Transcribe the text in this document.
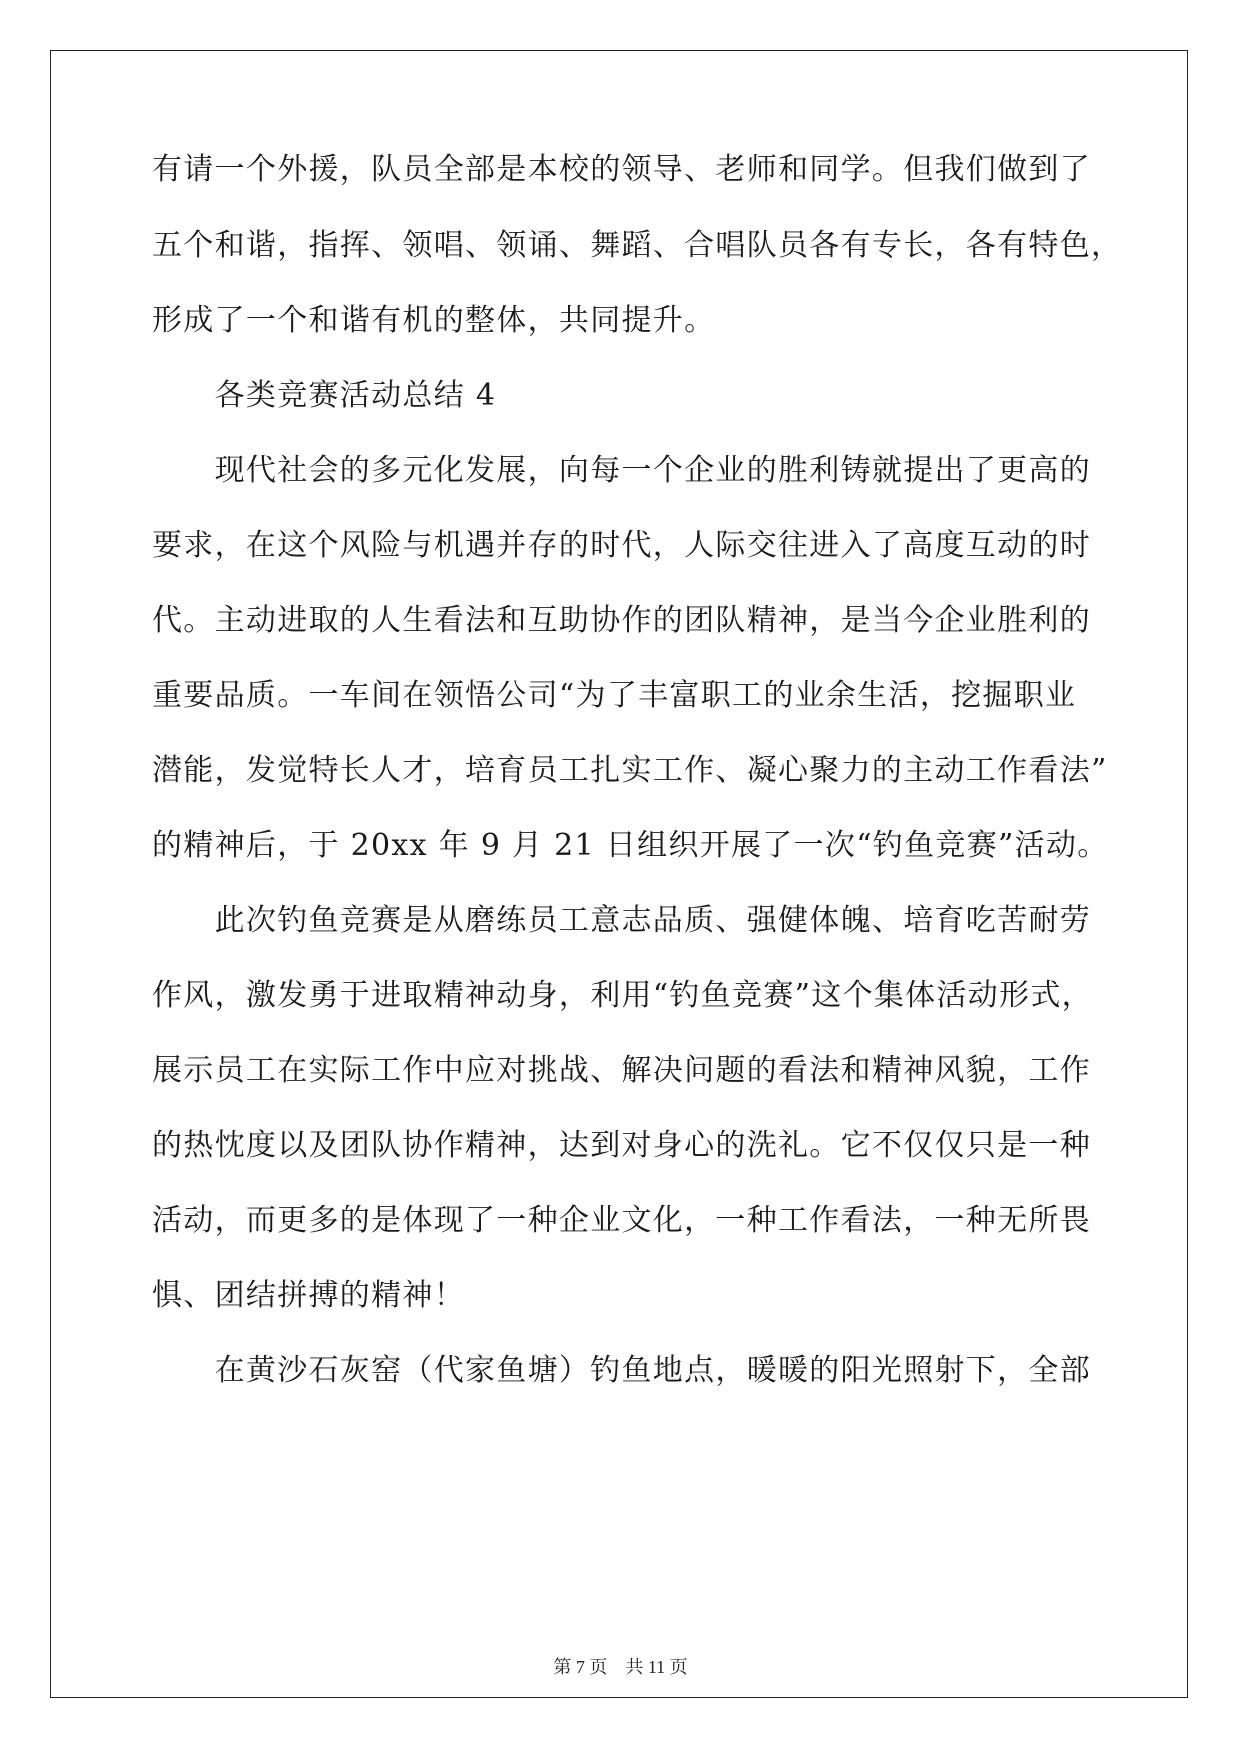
有请一个外援，队员全部是本校的领导、老师和同学。但我们做到了
五个和谐，指挥、领唱、领诵、舞蹈、合唱队员各有专长，各有特色，
形成了一个和谐有机的整体，共同提升。
　　各类竞赛活动总结 4
　　现代社会的多元化发展，向每一个企业的胜利铸就提出了更高的
要求，在这个风险与机遇并存的时代，人际交往进入了高度互动的时
代。主动进取的人生看法和互助协作的团队精神，是当今企业胜利的
重要品质。一车间在领悟公司“为了丰富职工的业余生活，挖掘职业
潜能，发觉特长人才，培育员工扎实工作、凝心聚力的主动工作看法”
的精神后，于 20xx 年 9 月 21 日组织开展了一次“钓鱼竞赛”活动。
　　此次钓鱼竞赛是从磨练员工意志品质、强健体魄、培育吃苦耐劳
作风，激发勇于进取精神动身，利用“钓鱼竞赛”这个集体活动形式，
展示员工在实际工作中应对挑战、解决问题的看法和精神风貌，工作
的热忱度以及团队协作精神，达到对身心的洗礼。它不仅仅只是一种
活动，而更多的是体现了一种企业文化，一种工作看法，一种无所畏
惧、团结拼搏的精神！
　　在黄沙石灰窑（代家鱼塘）钓鱼地点，暖暖的阳光照射下，全部
第 7 页　共 11 页
